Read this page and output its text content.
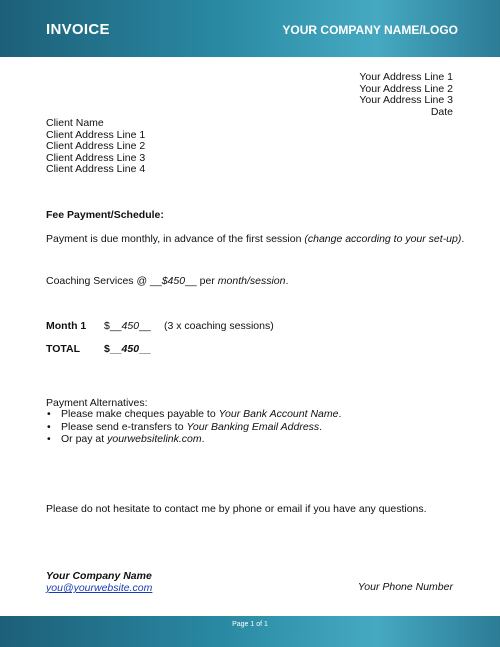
INVOICE	YOUR COMPANY NAME/LOGO
Your Address Line 1
Your Address Line 2
Your Address Line 3
Date
Client Name
Client Address Line 1
Client Address Line 2
Client Address Line 3
Client Address Line 4
Fee Payment/Schedule:
Payment is due monthly, in advance of the first session (change according to your set-up).
Coaching Services @ __$450__ per month/session.
Month 1 $__450__ (3 x coaching sessions)
TOTAL $__450__
Payment Alternatives:
• Please make cheques payable to Your Bank Account Name.
• Please send e-transfers to Your Banking Email Address.
• Or pay at yourwebsitelink.com.
Please do not hesitate to contact me by phone or email if you have any questions.
Your Company Name
you@yourwebsite.com	Your Phone Number
Page 1 of 1
